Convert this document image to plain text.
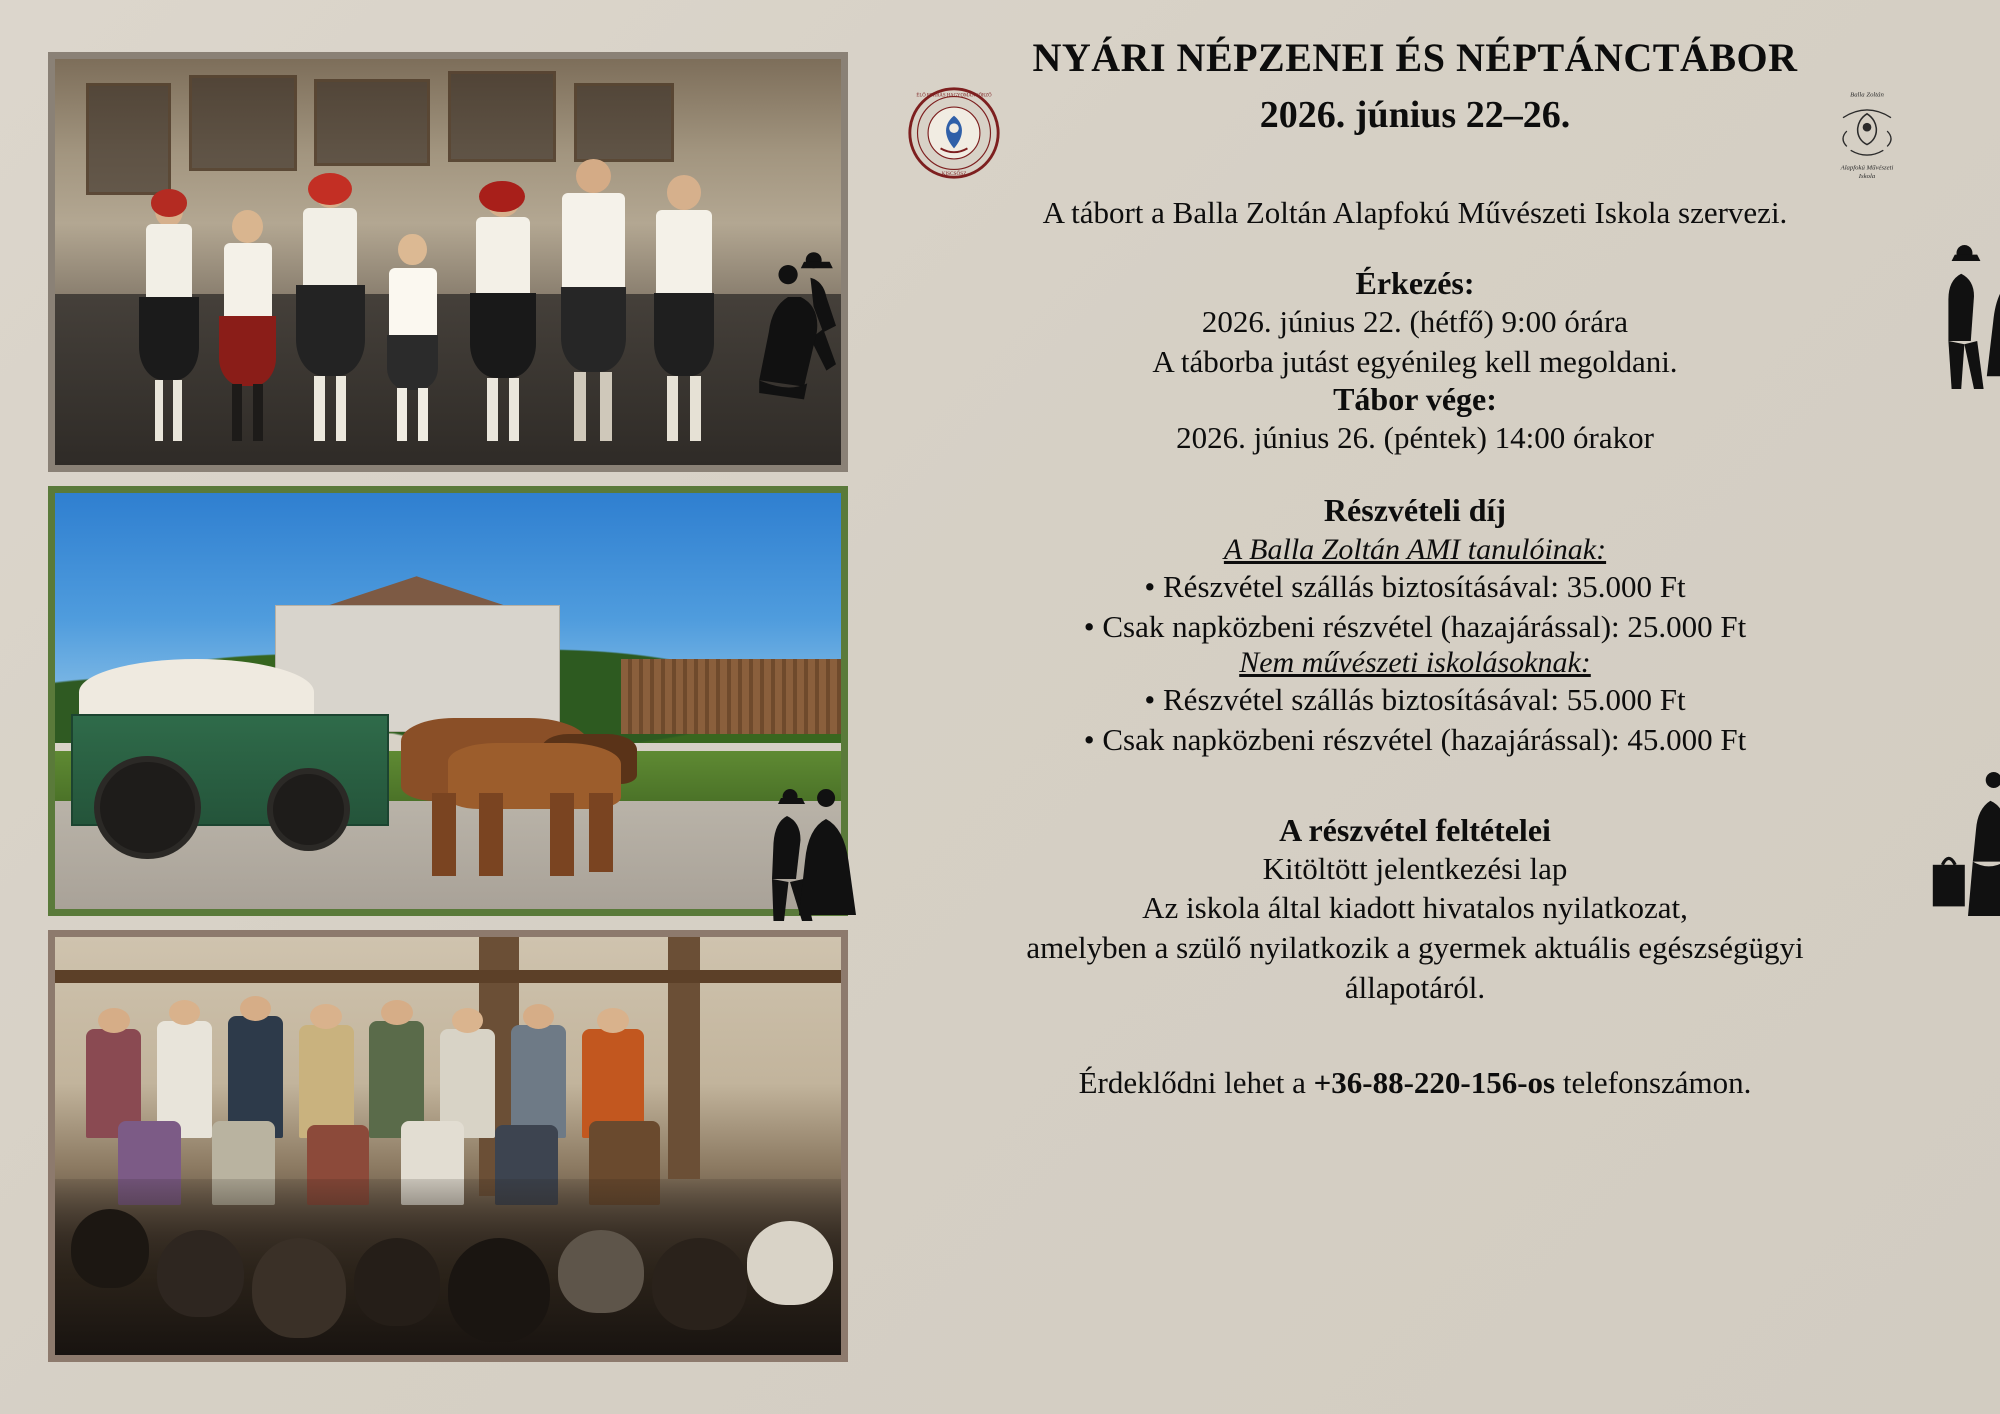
NYÁRI NÉPZENEI ÉS NÉPTÁNCTÁBOR
ÉLŐ FORRÁS HAGYOMÁNYŐRZŐ
KISCSŐSZ
2026. június 22–26.	Balla Zoltán
Alapfokú Művészeti
Iskola
A tábort a Balla Zoltán Alapfokú Művészeti Iskola szervezi.
Érkezés:
2026. június 22. (hétfő) 9:00 órára
A táborba jutást egyénileg kell megoldani.
Tábor vége:
2026. június 26. (péntek) 14:00 órakor
Részvételi díj
A Balla Zoltán AMI tanulóinak:
• Részvétel szállás biztosításával: 35.000 Ft
• Csak napközbeni részvétel (hazajárással): 25.000 Ft
Nem művészeti iskolásoknak:
• Részvétel szállás biztosításával: 55.000 Ft
• Csak napközbeni részvétel (hazajárással): 45.000 Ft
A részvétel feltételei
Kitöltött jelentkezési lap
Az iskola által kiadott hivatalos nyilatkozat,
amelyben a szülő nyilatkozik a gyermek aktuális egészségügyi
állapotáról.
Érdeklődni lehet a +36-88-220-156-os telefonszámon.
